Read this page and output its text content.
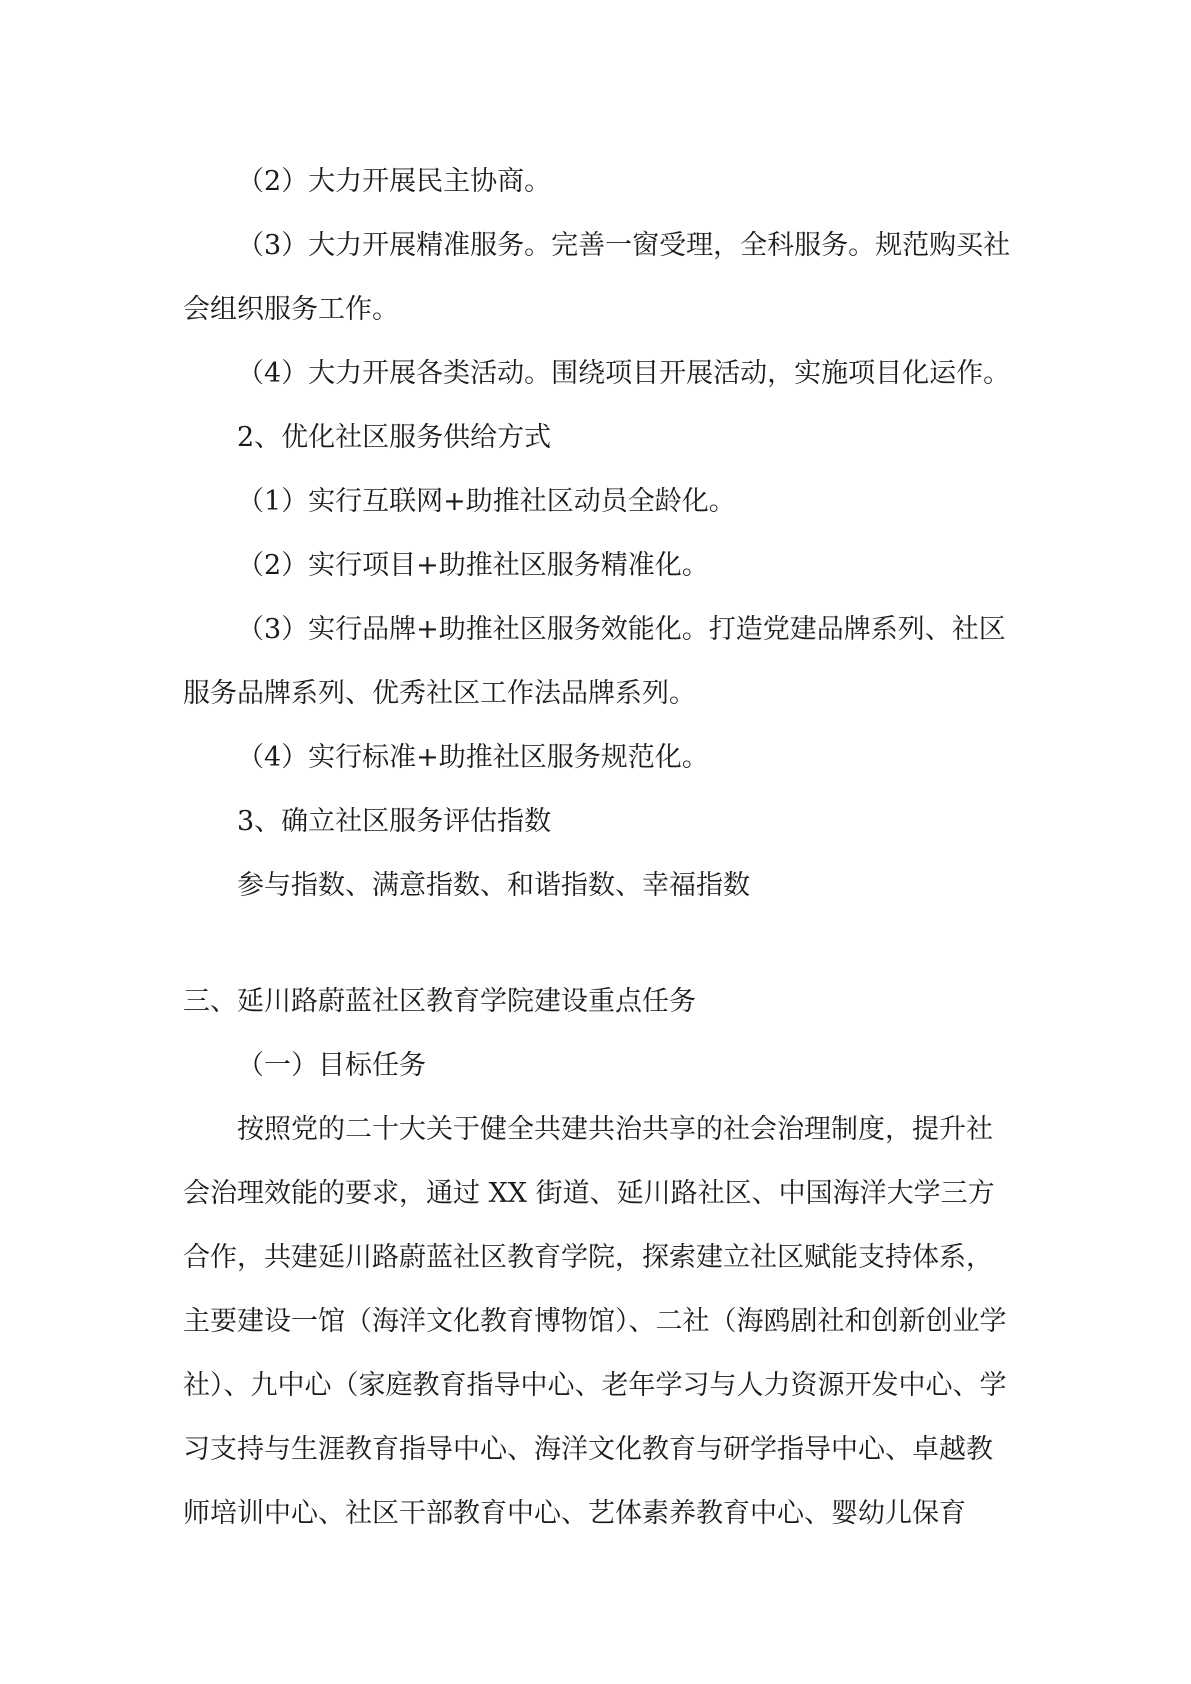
（2）大力开展民主协商。

（3）大力开展精准服务。完善一窗受理，全科服务。规范购买社会组织服务工作。

（4）大力开展各类活动。围绕项目开展活动，实施项目化运作。

2、优化社区服务供给方式

（1）实行互联网+助推社区动员全龄化。

（2）实行项目+助推社区服务精准化。

（3）实行品牌+助推社区服务效能化。打造党建品牌系列、社区服务品牌系列、优秀社区工作法品牌系列。

（4）实行标准+助推社区服务规范化。

3、确立社区服务评估指数

参与指数、满意指数、和谐指数、幸福指数

三、延川路蔚蓝社区教育学院建设重点任务

（一）目标任务

按照党的二十大关于健全共建共治共享的社会治理制度，提升社会治理效能的要求，通过 XX 街道、延川路社区、中国海洋大学三方合作，共建延川路蔚蓝社区教育学院，探索建立社区赋能支持体系，主要建设一馆（海洋文化教育博物馆）、二社（海鸥剧社和创新创业学社）、九中心（家庭教育指导中心、老年学习与人力资源开发中心、学习支持与生涯教育指导中心、海洋文化教育与研学指导中心、卓越教师培训中心、社区干部教育中心、艺体素养教育中心、婴幼儿保育
